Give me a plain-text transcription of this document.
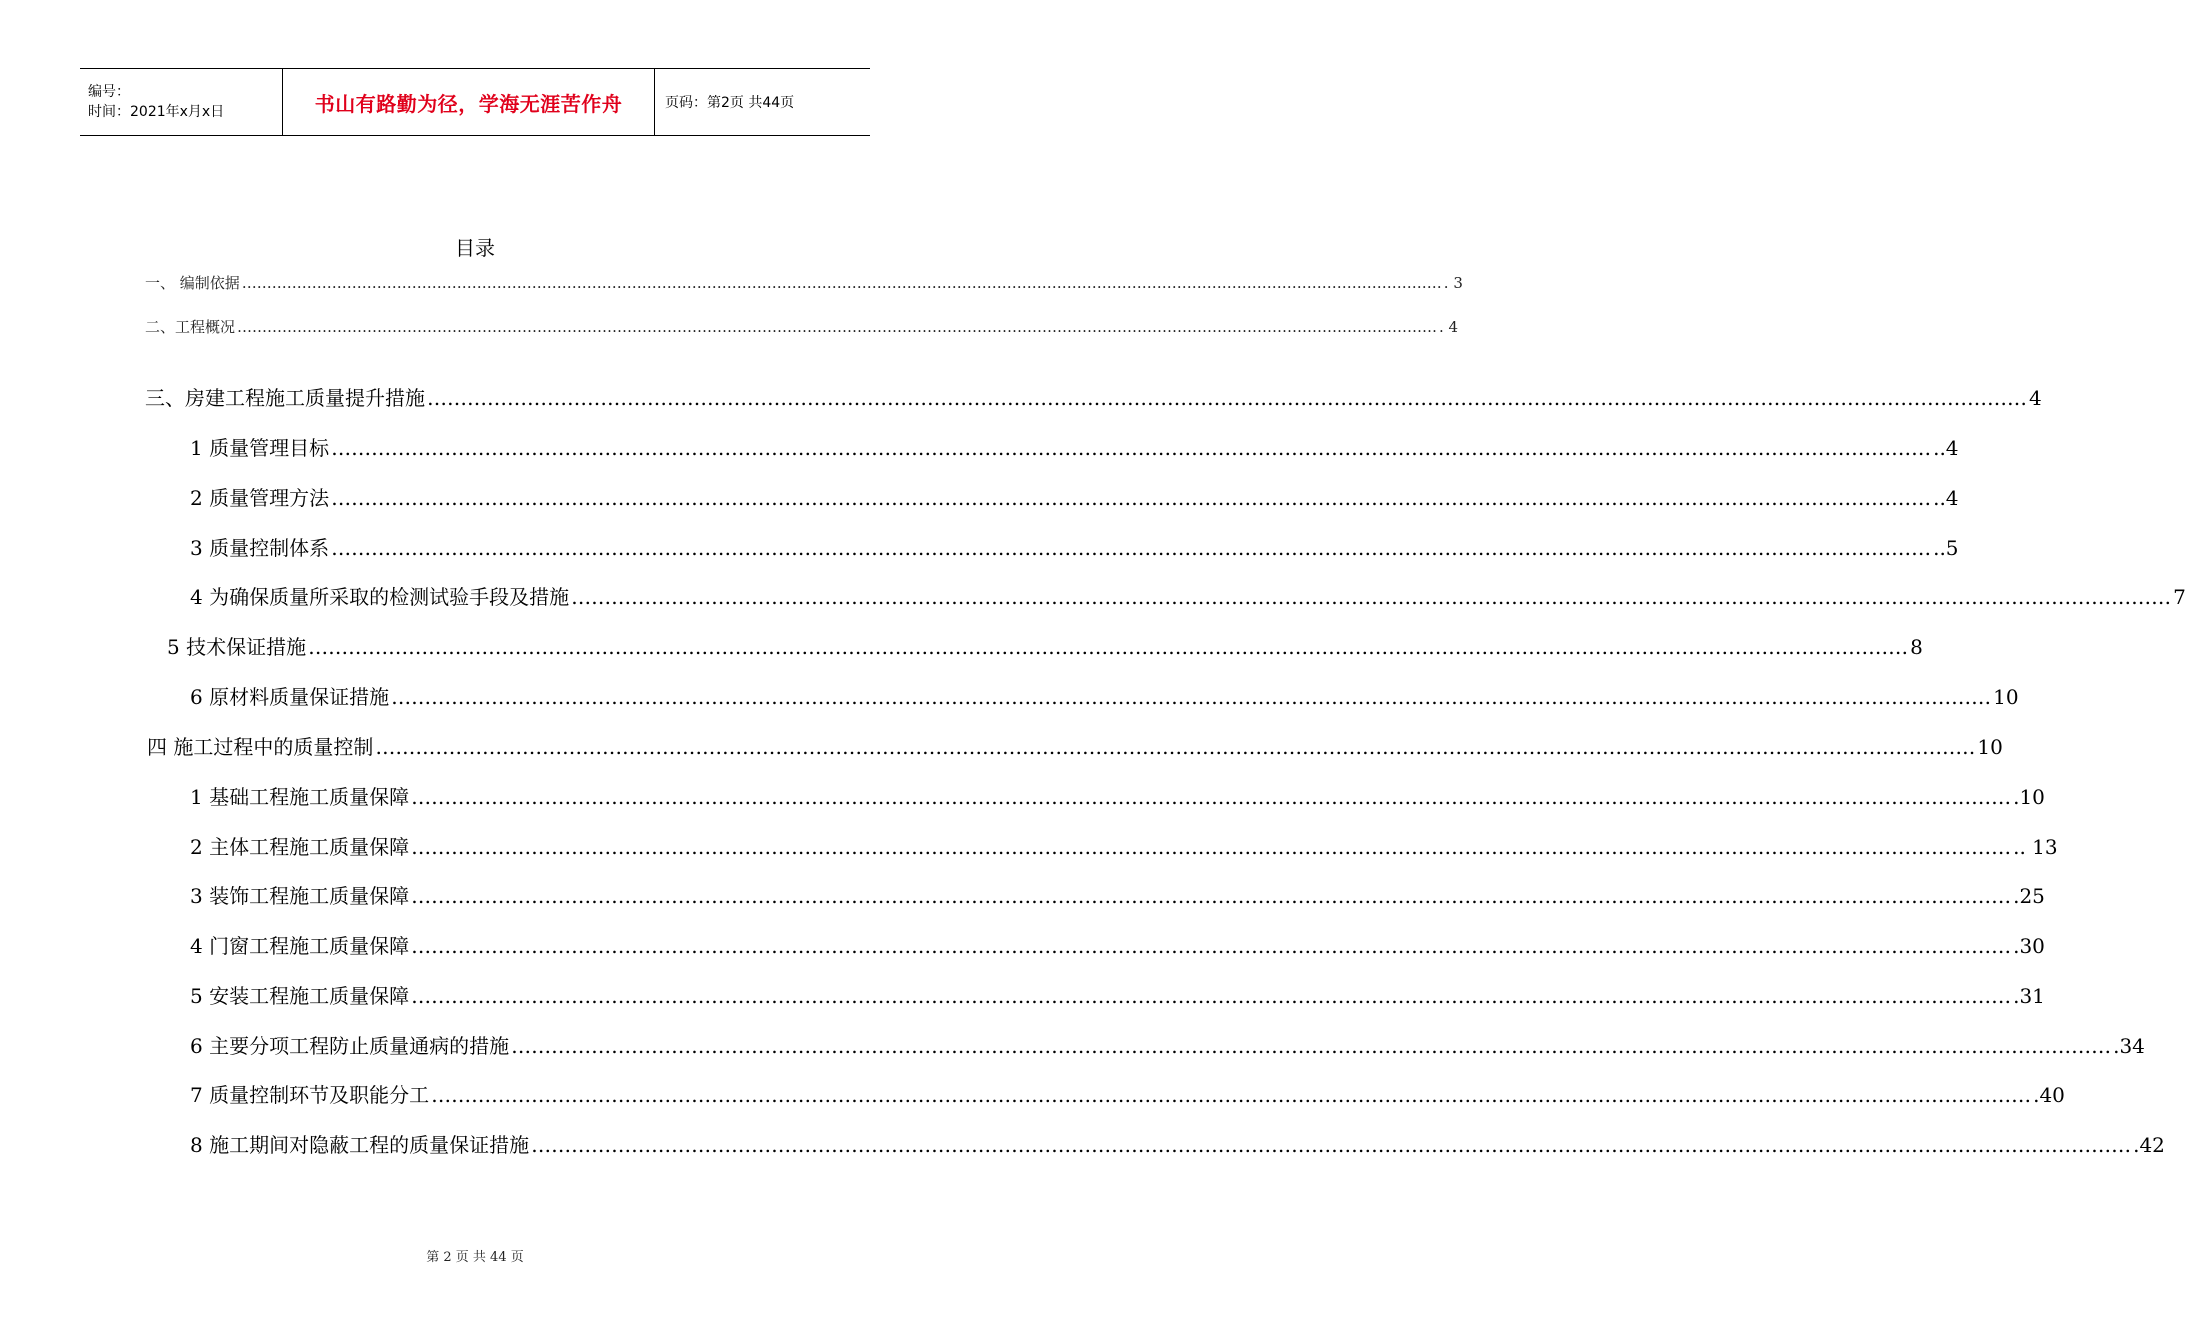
编号：
时间：2021年x月x日	书山有路勤为径，学海无涯苦作舟	页码：第2页 共44页
目录
一、 编制依据 …………………………………………………………………………………………………………………………………………………………………………………………………………………… . 3
二、工程概况 …………………………………………………………………………………………………………………………………………………………………………………………………………………… . 4
三、房建工程施工质量提升措施 …………………………………………………………………………………………………………………………………………………………………………………………………………………… 4
1 质量管理目标 …………………………………………………………………………………………………………………………………………………………………………………………………………………… ..4
2 质量管理方法 …………………………………………………………………………………………………………………………………………………………………………………………………………………… ..4
3 质量控制体系 …………………………………………………………………………………………………………………………………………………………………………………………………………………… ..5
4 为确保质量所采取的检测试验手段及措施 …………………………………………………………………………………………………………………………………………………………………………………………………………………… 7
5 技术保证措施 …………………………………………………………………………………………………………………………………………………………………………………………………………………… 8
6 原材料质量保证措施 …………………………………………………………………………………………………………………………………………………………………………………………………………………… 10
四 施工过程中的质量控制 …………………………………………………………………………………………………………………………………………………………………………………………………………………… 10
1 基础工程施工质量保障 …………………………………………………………………………………………………………………………………………………………………………………………………………………… .10
2 主体工程施工质量保障 …………………………………………………………………………………………………………………………………………………………………………………………………………………… .. 13
3 装饰工程施工质量保障 …………………………………………………………………………………………………………………………………………………………………………………………………………………… .25
4 门窗工程施工质量保障 …………………………………………………………………………………………………………………………………………………………………………………………………………………… .30
5 安装工程施工质量保障 …………………………………………………………………………………………………………………………………………………………………………………………………………………… .31
6 主要分项工程防止质量通病的措施 …………………………………………………………………………………………………………………………………………………………………………………………………………………… .34
7 质量控制环节及职能分工 …………………………………………………………………………………………………………………………………………………………………………………………………………………… .40
8 施工期间对隐蔽工程的质量保证措施 …………………………………………………………………………………………………………………………………………………………………………………………………………………… .42
第 2 页 共 44 页
